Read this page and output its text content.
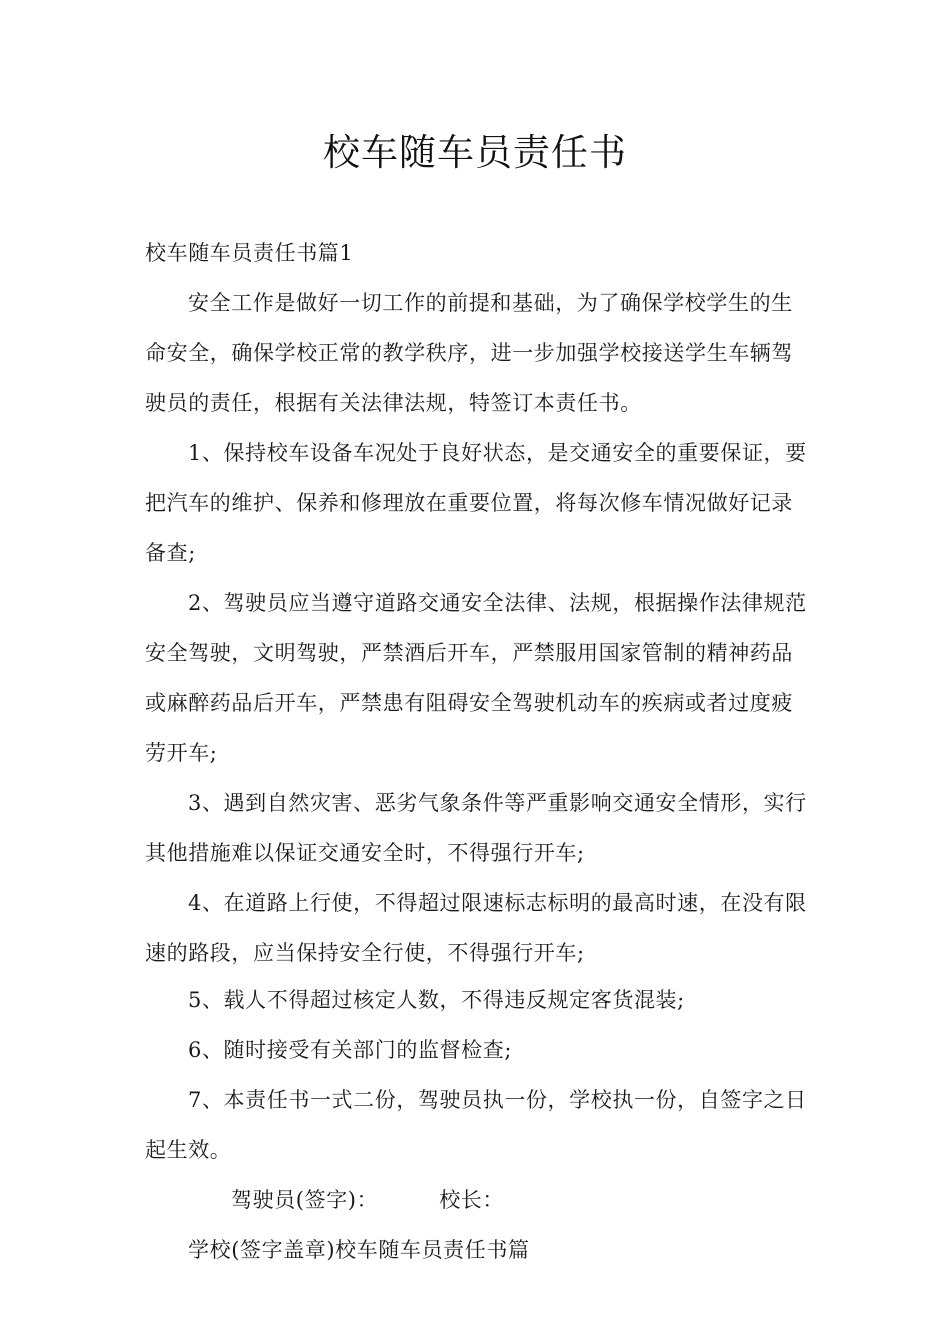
校车随车员责任书
校车随车员责任书篇1

安全工作是做好一切工作的前提和基础，为了确保学校学生的生命安全，确保学校正常的教学秩序，进一步加强学校接送学生车辆驾驶员的责任，根据有关法律法规，特签订本责任书。

1、保持校车设备车况处于良好状态，是交通安全的重要保证，要把汽车的维护、保养和修理放在重要位置，将每次修车情况做好记录备查;

2、驾驶员应当遵守道路交通安全法律、法规，根据操作法律规范安全驾驶，文明驾驶，严禁酒后开车，严禁服用国家管制的精神药品或麻醉药品后开车，严禁患有阻碍安全驾驶机动车的疾病或者过度疲劳开车;

3、遇到自然灾害、恶劣气象条件等严重影响交通安全情形，实行其他措施难以保证交通安全时，不得强行开车;

4、在道路上行使，不得超过限速标志标明的最高时速，在没有限速的路段，应当保持安全行使，不得强行开车;

5、载人不得超过核定人数，不得违反规定客货混装;

6、随时接受有关部门的监督检查;

7、本责任书一式二份，驾驶员执一份，学校执一份，自签字之日起生效。

驾驶员(签字)：	校长：学校(签字盖章)校车随车员责任书篇
